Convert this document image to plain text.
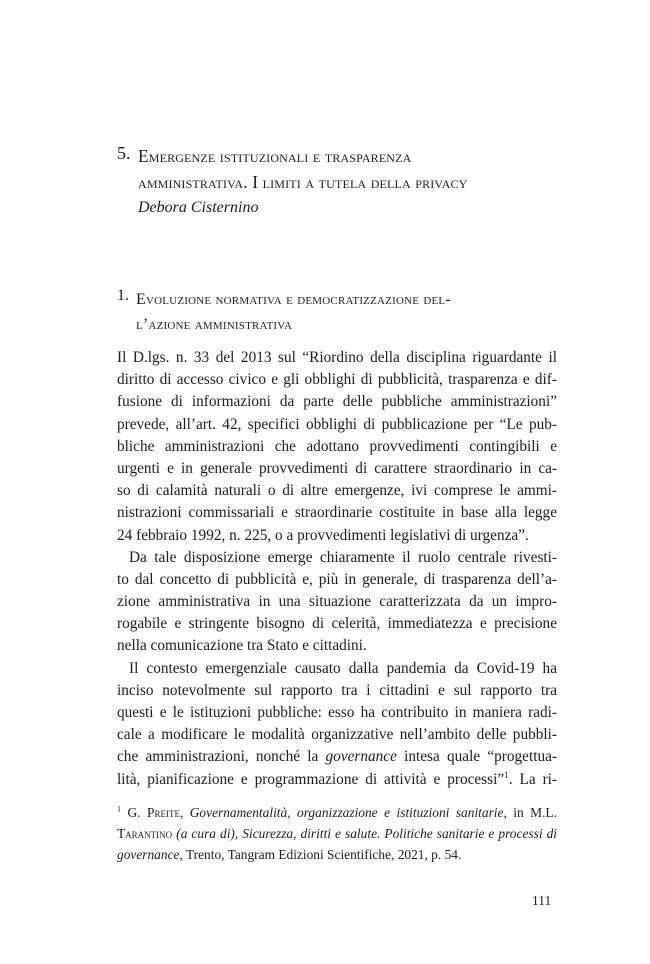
5. Emergenze istituzionali e trasparenza
amministrativa. I limiti a tutela della privacy
Debora Cisternino
1. Evoluzione normativa e democratizzazione del-
l’azione amministrativa
Il D.lgs. n. 33 del 2013 sul “Riordino della disciplina riguardante il
diritto di accesso civico e gli obblighi di pubblicità, trasparenza e dif-
fusione di informazioni da parte delle pubbliche amministrazioni”
prevede, all’art. 42, specifici obblighi di pubblicazione per “Le pub-
bliche amministrazioni che adottano provvedimenti contingibili e
urgenti e in generale provvedimenti di carattere straordinario in ca-
so di calamità naturali o di altre emergenze, ivi comprese le ammi-
nistrazioni commissariali e straordinarie costituite in base alla legge
24 febbraio 1992, n. 225, o a provvedimenti legislativi di urgenza”.
Da tale disposizione emerge chiaramente il ruolo centrale rivesti-
to dal concetto di pubblicità e, più in generale, di trasparenza dell’a-
zione amministrativa in una situazione caratterizzata da un impro-
rogabile e stringente bisogno di celerità, immediatezza e precisione
nella comunicazione tra Stato e cittadini.
Il contesto emergenziale causato dalla pandemia da Covid-19 ha
inciso notevolmente sul rapporto tra i cittadini e sul rapporto tra
questi e le istituzioni pubbliche: esso ha contribuito in maniera radi-
cale a modificare le modalità organizzative nell’ambito delle pubbli-
che amministrazioni, nonché la governance intesa quale “progettua-
lità, pianificazione e programmazione di attività e processi”$^1$. La ri-
$^1$ G. Preite, Governamentalità, organizzazione e istituzioni sanitarie, in M.L.
Tarantino (a cura di), Sicurezza, diritti e salute. Politiche sanitarie e processi di
governance, Trento, Tangram Edizioni Scientifiche, 2021, p. 54.
111
